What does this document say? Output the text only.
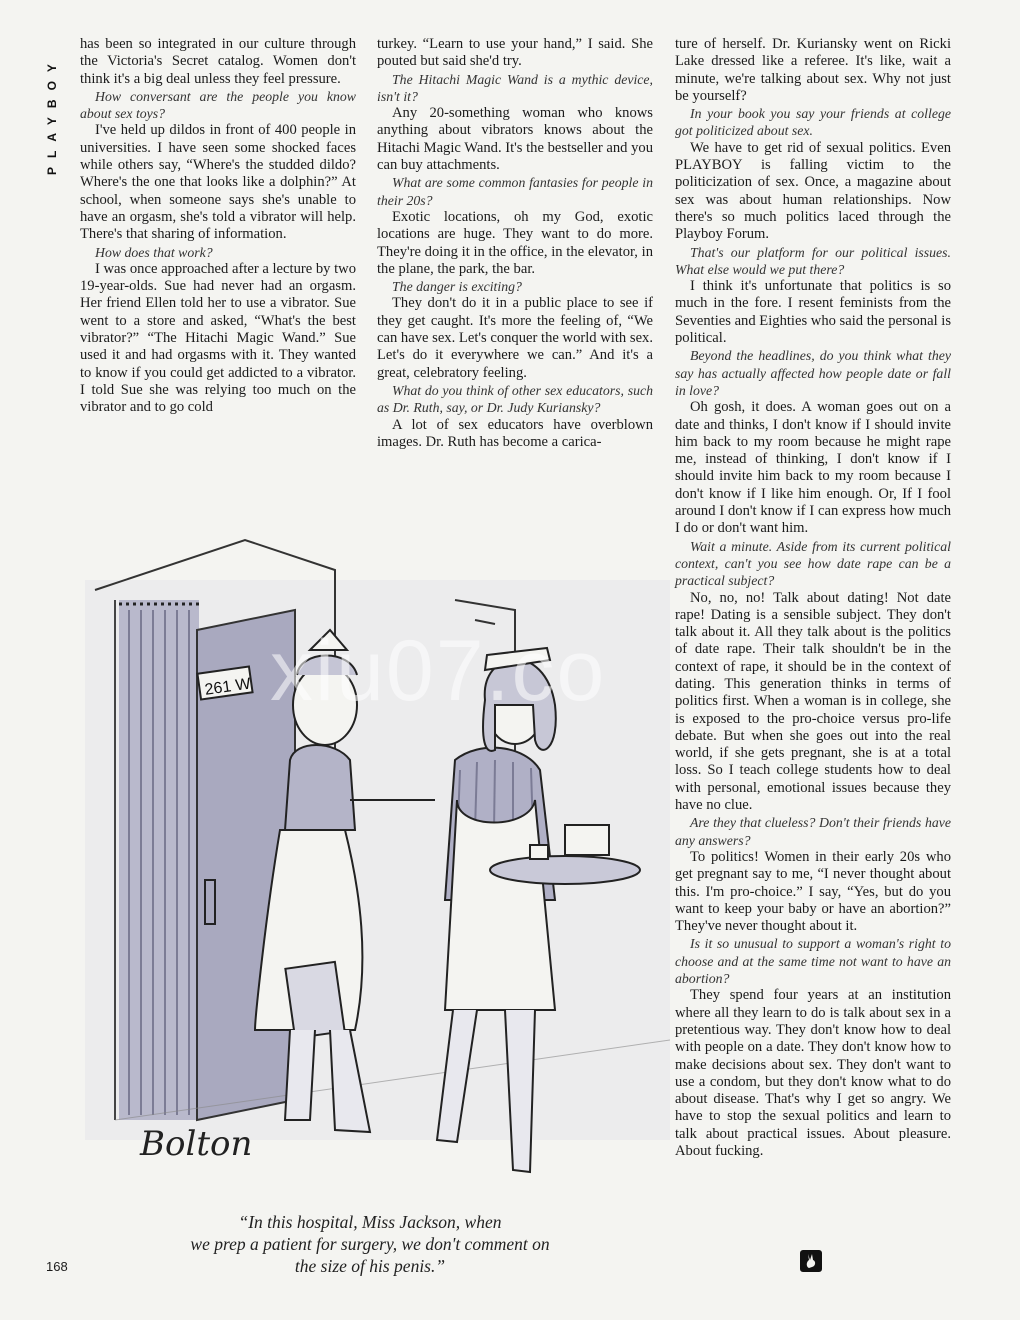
PLAYBOY

has been so integrated in our culture through the Victoria's Secret catalog. Women don't think it's a big deal unless they feel pressure.

How conversant are the people you know about sex toys?

I've held up dildos in front of 400 people in universities. I have seen some shocked faces while others say, “Where's the studded dildo? Where's the one that looks like a dolphin?” At school, when someone says she's unable to have an orgasm, she's told a vibrator will help. There's that sharing of information.

How does that work?

I was once approached after a lecture by two 19-year-olds. Sue had never had an orgasm. Her friend Ellen told her to use a vibrator. Sue went to a store and asked, “What's the best vibrator?” “The Hitachi Magic Wand.” Sue used it and had orgasms with it. They wanted to know if you could get addicted to a vibrator. I told Sue she was relying too much on the vibrator and to go cold

turkey. “Learn to use your hand,” I said. She pouted but said she'd try.

The Hitachi Magic Wand is a mythic device, isn't it?

Any 20-something woman who knows anything about vibrators knows about the Hitachi Magic Wand. It's the bestseller and you can buy attachments.

What are some common fantasies for people in their 20s?

Exotic locations, oh my God, exotic locations are huge. They want to do more. They're doing it in the office, in the elevator, in the plane, the park, the bar.

The danger is exciting?

They don't do it in a public place to see if they get caught. It's more the feeling of, “We can have sex. Let's conquer the world with sex. Let's do it everywhere we can.” And it's a great, celebratory feeling.

What do you think of other sex educators, such as Dr. Ruth, say, or Dr. Judy Kuriansky?

A lot of sex educators have overblown images. Dr. Ruth has become a carica-

ture of herself. Dr. Kuriansky went on Ricki Lake dressed like a referee. It's like, wait a minute, we're talking about sex. Why not just be yourself?

In your book you say your friends at college got politicized about sex.

We have to get rid of sexual politics. Even PLAYBOY is falling victim to the politicization of sex. Once, a magazine about sex was about human relationships. Now there's so much politics laced through the Playboy Forum.

That's our platform for our political issues. What else would we put there?

I think it's unfortunate that politics is so much in the fore. I resent feminists from the Seventies and Eighties who said the personal is political.

Beyond the headlines, do you think what they say has actually affected how people date or fall in love?

Oh gosh, it does. A woman goes out on a date and thinks, I don't know if I should invite him back to my room because he might rape me, instead of thinking, I don't know if I should invite him back to my room because I don't know if I like him enough. Or, If I fool around I don't know if I can express how much I do or don't want him.

Wait a minute. Aside from its current political context, can't you see how date rape can be a practical subject?

No, no, no! Talk about dating! Not date rape! Dating is a sensible subject. They don't talk about it. All they talk about is the politics of date rape. Their talk shouldn't be in the context of rape, it should be in the context of dating. This generation thinks in terms of politics first. When a woman is in college, she is exposed to the pro-choice versus pro-life debate. But when she goes out into the real world, if she gets pregnant, she is at a total loss. So I teach college students how to deal with personal, emotional issues because they have no clue.

Are they that clueless? Don't their friends have any answers?

To politics! Women in their early 20s who get pregnant say to me, “I never thought about this. I'm pro-choice.” I say, “Yes, but do you want to keep your baby or have an abortion?” They've never thought about it.

Is it so unusual to support a woman's right to choose and at the same time not want to have an abortion?

They spend four years at an institution where all they learn to do is talk about sex in a pretentious way. They don't know how to deal with people on a date. They don't know how to make decisions about sex. They don't want to use a condom, but they don't know what to do about disease. That's why I get so angry. We have to stop the sexual politics and learn to talk about practical issues. About pleasure. About fucking.

261 W
Bolton
xiu07.co
“In this hospital, Miss Jackson, when
we prep a patient for surgery, we don't comment on
the size of his penis.”
168
